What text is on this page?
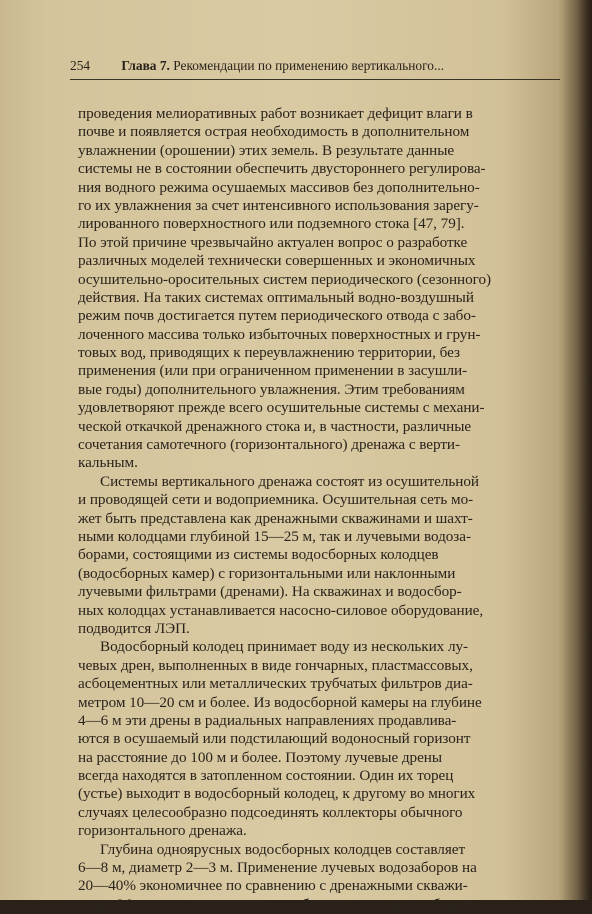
254 Глава 7. Рекомендации по применению вертикального...
проведения мелиоративных работ возникает дефицит влаги в
почве и появляется острая необходимость в дополнительном
увлажнении (орошении) этих земель. В результате данные
системы не в состоянии обеспечить двустороннего регулирова-
ния водного режима осушаемых массивов без дополнительно-
го их увлажнения за счет интенсивного использования зарегу-
лированного поверхностного или подземного стока [47, 79].
По этой причине чрезвычайно актуален вопрос о разработке
различных моделей технически совершенных и экономичных
осушительно-оросительных систем периодического (сезонного)
действия. На таких системах оптимальный водно-воздушный
режим почв достигается путем периодического отвода с забо-
лоченного массива только избыточных поверхностных и грун-
товых вод, приводящих к переувлажнению территории, без
применения (или при ограниченном применении в засушли-
вые годы) дополнительного увлажнения. Этим требованиям
удовлетворяют прежде всего осушительные системы с механи-
ческой откачкой дренажного стока и, в частности, различные
сочетания самотечного (горизонтального) дренажа с верти-
кальным.
Системы вертикального дренажа состоят из осушительной
и проводящей сети и водоприемника. Осушительная сеть мо-
жет быть представлена как дренажными скважинами и шахт-
ными колодцами глубиной 15—25 м, так и лучевыми водоза-
борами, состоящими из системы водосборных колодцев
(водосборных камер) с горизонтальными или наклонными
лучевыми фильтрами (дренами). На скважинах и водосбор-
ных колодцах устанавливается насосно-силовое оборудование,
подводится ЛЭП.
Водосборный колодец принимает воду из нескольких лу-
чевых дрен, выполненных в виде гончарных, пластмассовых,
асбоцементных или металлических трубчатых фильтров диа-
метром 10—20 см и более. Из водосборной камеры на глубине
4—6 м эти дрены в радиальных направлениях продавлива-
ются в осушаемый или подстилающий водоносный горизонт
на расстояние до 100 м и более. Поэтому лучевые дрены
всегда находятся в затопленном состоянии. Один их торец
(устье) выходит в водосборный колодец, к другому во многих
случаях целесообразно подсоединять коллекторы обычного
горизонтального дренажа.
Глубина одноярусных водосборных колодцев составляет
6—8 м, диаметр 2—3 м. Применение лучевых водозаборов на
20—40% экономичнее по сравнению с дренажными скважи-
нами. Мелиоративные системы на базе лучевых водозаборов
